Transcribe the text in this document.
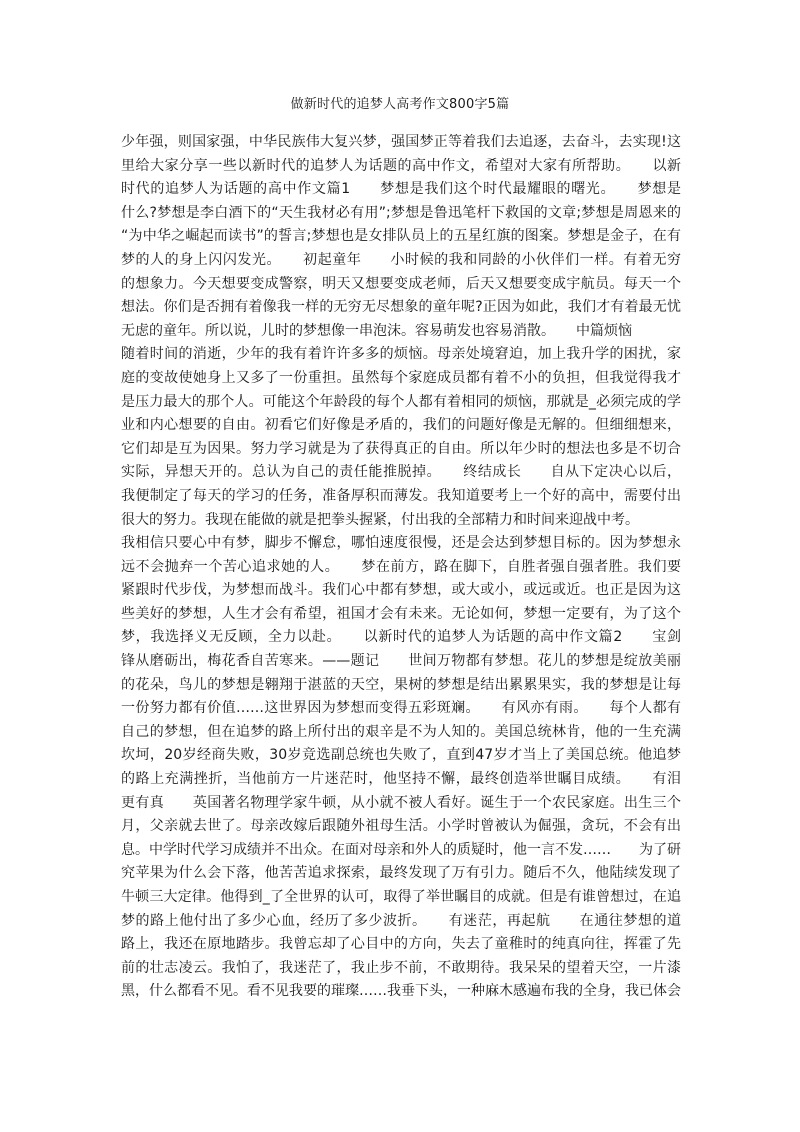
做新时代的追梦人高考作文800字5篇
少年强，则国家强，中华民族伟大复兴梦，强国梦正等着我们去追逐，去奋斗，去实现!这
里给大家分享一些以新时代的追梦人为话题的高中作文，希望对大家有所帮助。　　以新
时代的追梦人为话题的高中作文篇1　　梦想是我们这个时代最耀眼的曙光。　　梦想是
什么?梦想是李白酒下的“天生我材必有用”;梦想是鲁迅笔杆下救国的文章;梦想是周恩来的
“为中华之崛起而读书”的誓言;梦想也是女排队员上的五星红旗的图案。梦想是金子，在有
梦的人的身上闪闪发光。　　初起童年　　小时候的我和同龄的小伙伴们一样。有着无穷
的想象力。今天想要变成警察，明天又想要变成老师，后天又想要变成宇航员。每天一个
想法。你们是否拥有着像我一样的无穷无尽想象的童年呢?正因为如此，我们才有着最无忧
无虑的童年。所以说，儿时的梦想像一串泡沫。容易萌发也容易消散。　　中篇烦恼
随着时间的消逝，少年的我有着许许多多的烦恼。母亲处境窘迫，加上我升学的困扰，家
庭的变故使她身上又多了一份重担。虽然每个家庭成员都有着不小的负担，但我觉得我才
是压力最大的那个人。可能这个年龄段的每个人都有着相同的烦恼，那就是_必须完成的学
业和内心想要的自由。初看它们好像是矛盾的，我们的问题好像是无解的。但细细想来，
它们却是互为因果。努力学习就是为了获得真正的自由。所以年少时的想法也多是不切合
实际，异想天开的。总认为自己的责任能推脱掉。　　终结成长　　自从下定决心以后，
我便制定了每天的学习的任务，准备厚积而薄发。我知道要考上一个好的高中，需要付出
很大的努力。我现在能做的就是把拳头握紧，付出我的全部精力和时间来迎战中考。
我相信只要心中有梦，脚步不懈怠，哪怕速度很慢，还是会达到梦想目标的。因为梦想永
远不会抛弃一个苦心追求她的人。　　梦在前方，路在脚下，自胜者强自强者胜。我们要
紧跟时代步伐，为梦想而战斗。我们心中都有梦想，或大或小，或远或近。也正是因为这
些美好的梦想，人生才会有希望，祖国才会有未来。无论如何，梦想一定要有，为了这个
梦，我选择义无反顾，全力以赴。　　以新时代的追梦人为话题的高中作文篇2　　宝剑
锋从磨砺出，梅花香自苦寒来。——题记　　世间万物都有梦想。花儿的梦想是绽放美丽
的花朵，鸟儿的梦想是翱翔于湛蓝的天空，果树的梦想是结出累累果实，我的梦想是让每
一份努力都有价值……这世界因为梦想而变得五彩斑斓。　　有风亦有雨。　　每个人都有
自己的梦想，但在追梦的路上所付出的艰辛是不为人知的。美国总统林肯，他的一生充满
坎坷，20岁经商失败，30岁竞选副总统也失败了，直到47岁才当上了美国总统。他追梦
的路上充满挫折，当他前方一片迷茫时，他坚持不懈，最终创造举世瞩目成绩。　　有泪
更有真　　英国著名物理学家牛顿，从小就不被人看好。诞生于一个农民家庭。出生三个
月，父亲就去世了。母亲改嫁后跟随外祖母生活。小学时曾被认为倔强，贪玩，不会有出
息。中学时代学习成绩并不出众。在面对母亲和外人的质疑时，他一言不发……　　为了研
究苹果为什么会下落，他苦苦追求探索，最终发现了万有引力。随后不久，他陆续发现了
牛顿三大定律。他得到_了全世界的认可，取得了举世瞩目的成就。但是有谁曾想过，在追
梦的路上他付出了多少心血，经历了多少波折。　　有迷茫，再起航　　在通往梦想的道
路上，我还在原地踏步。我曾忘却了心目中的方向，失去了童稚时的纯真向往，挥霍了先
前的壮志凌云。我怕了，我迷茫了，我止步不前，不敢期待。我呆呆的望着天空，一片漆
黑，什么都看不见。看不见我要的璀璨……我垂下头，一种麻木感遍布我的全身，我已体会
